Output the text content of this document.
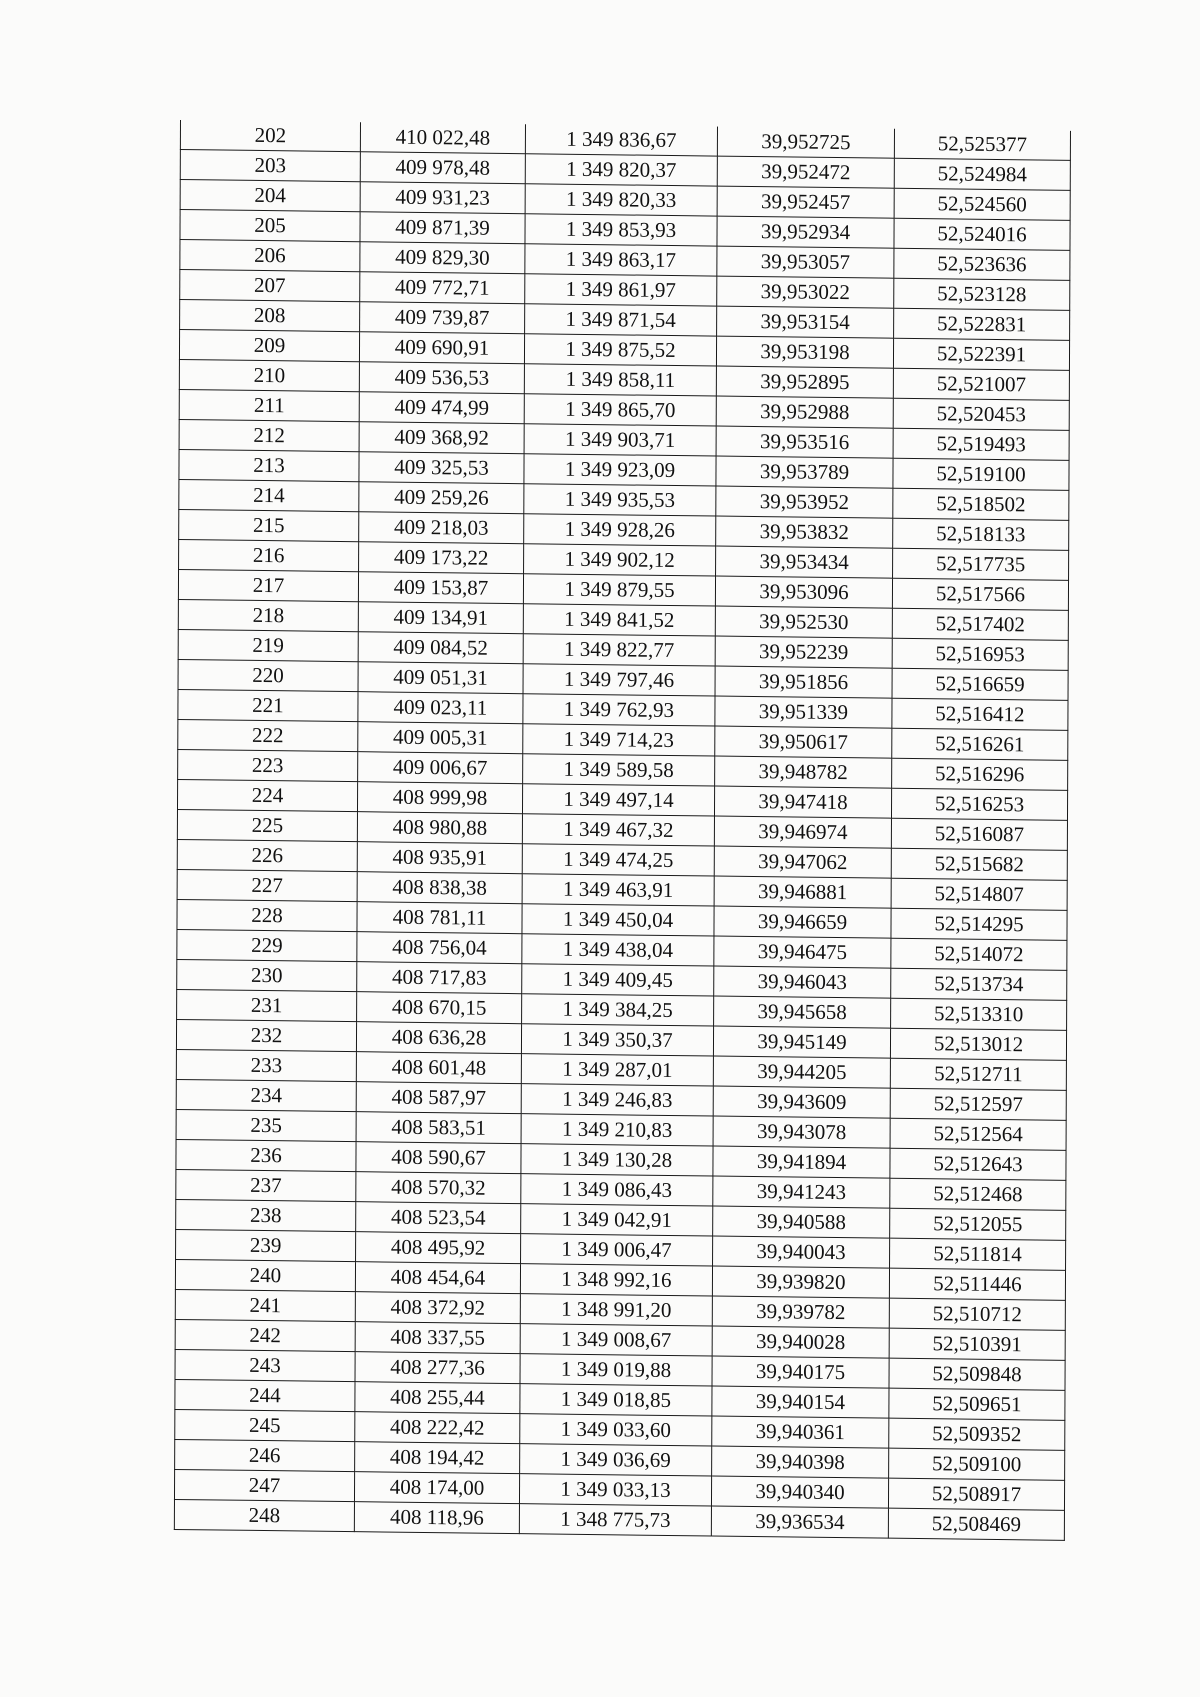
202	410 022,48	1 349 836,67	39,952725	52,525377
203	409 978,48	1 349 820,37	39,952472	52,524984
204	409 931,23	1 349 820,33	39,952457	52,524560
205	409 871,39	1 349 853,93	39,952934	52,524016
206	409 829,30	1 349 863,17	39,953057	52,523636
207	409 772,71	1 349 861,97	39,953022	52,523128
208	409 739,87	1 349 871,54	39,953154	52,522831
209	409 690,91	1 349 875,52	39,953198	52,522391
210	409 536,53	1 349 858,11	39,952895	52,521007
211	409 474,99	1 349 865,70	39,952988	52,520453
212	409 368,92	1 349 903,71	39,953516	52,519493
213	409 325,53	1 349 923,09	39,953789	52,519100
214	409 259,26	1 349 935,53	39,953952	52,518502
215	409 218,03	1 349 928,26	39,953832	52,518133
216	409 173,22	1 349 902,12	39,953434	52,517735
217	409 153,87	1 349 879,55	39,953096	52,517566
218	409 134,91	1 349 841,52	39,952530	52,517402
219	409 084,52	1 349 822,77	39,952239	52,516953
220	409 051,31	1 349 797,46	39,951856	52,516659
221	409 023,11	1 349 762,93	39,951339	52,516412
222	409 005,31	1 349 714,23	39,950617	52,516261
223	409 006,67	1 349 589,58	39,948782	52,516296
224	408 999,98	1 349 497,14	39,947418	52,516253
225	408 980,88	1 349 467,32	39,946974	52,516087
226	408 935,91	1 349 474,25	39,947062	52,515682
227	408 838,38	1 349 463,91	39,946881	52,514807
228	408 781,11	1 349 450,04	39,946659	52,514295
229	408 756,04	1 349 438,04	39,946475	52,514072
230	408 717,83	1 349 409,45	39,946043	52,513734
231	408 670,15	1 349 384,25	39,945658	52,513310
232	408 636,28	1 349 350,37	39,945149	52,513012
233	408 601,48	1 349 287,01	39,944205	52,512711
234	408 587,97	1 349 246,83	39,943609	52,512597
235	408 583,51	1 349 210,83	39,943078	52,512564
236	408 590,67	1 349 130,28	39,941894	52,512643
237	408 570,32	1 349 086,43	39,941243	52,512468
238	408 523,54	1 349 042,91	39,940588	52,512055
239	408 495,92	1 349 006,47	39,940043	52,511814
240	408 454,64	1 348 992,16	39,939820	52,511446
241	408 372,92	1 348 991,20	39,939782	52,510712
242	408 337,55	1 349 008,67	39,940028	52,510391
243	408 277,36	1 349 019,88	39,940175	52,509848
244	408 255,44	1 349 018,85	39,940154	52,509651
245	408 222,42	1 349 033,60	39,940361	52,509352
246	408 194,42	1 349 036,69	39,940398	52,509100
247	408 174,00	1 349 033,13	39,940340	52,508917
248	408 118,96	1 348 775,73	39,936534	52,508469
